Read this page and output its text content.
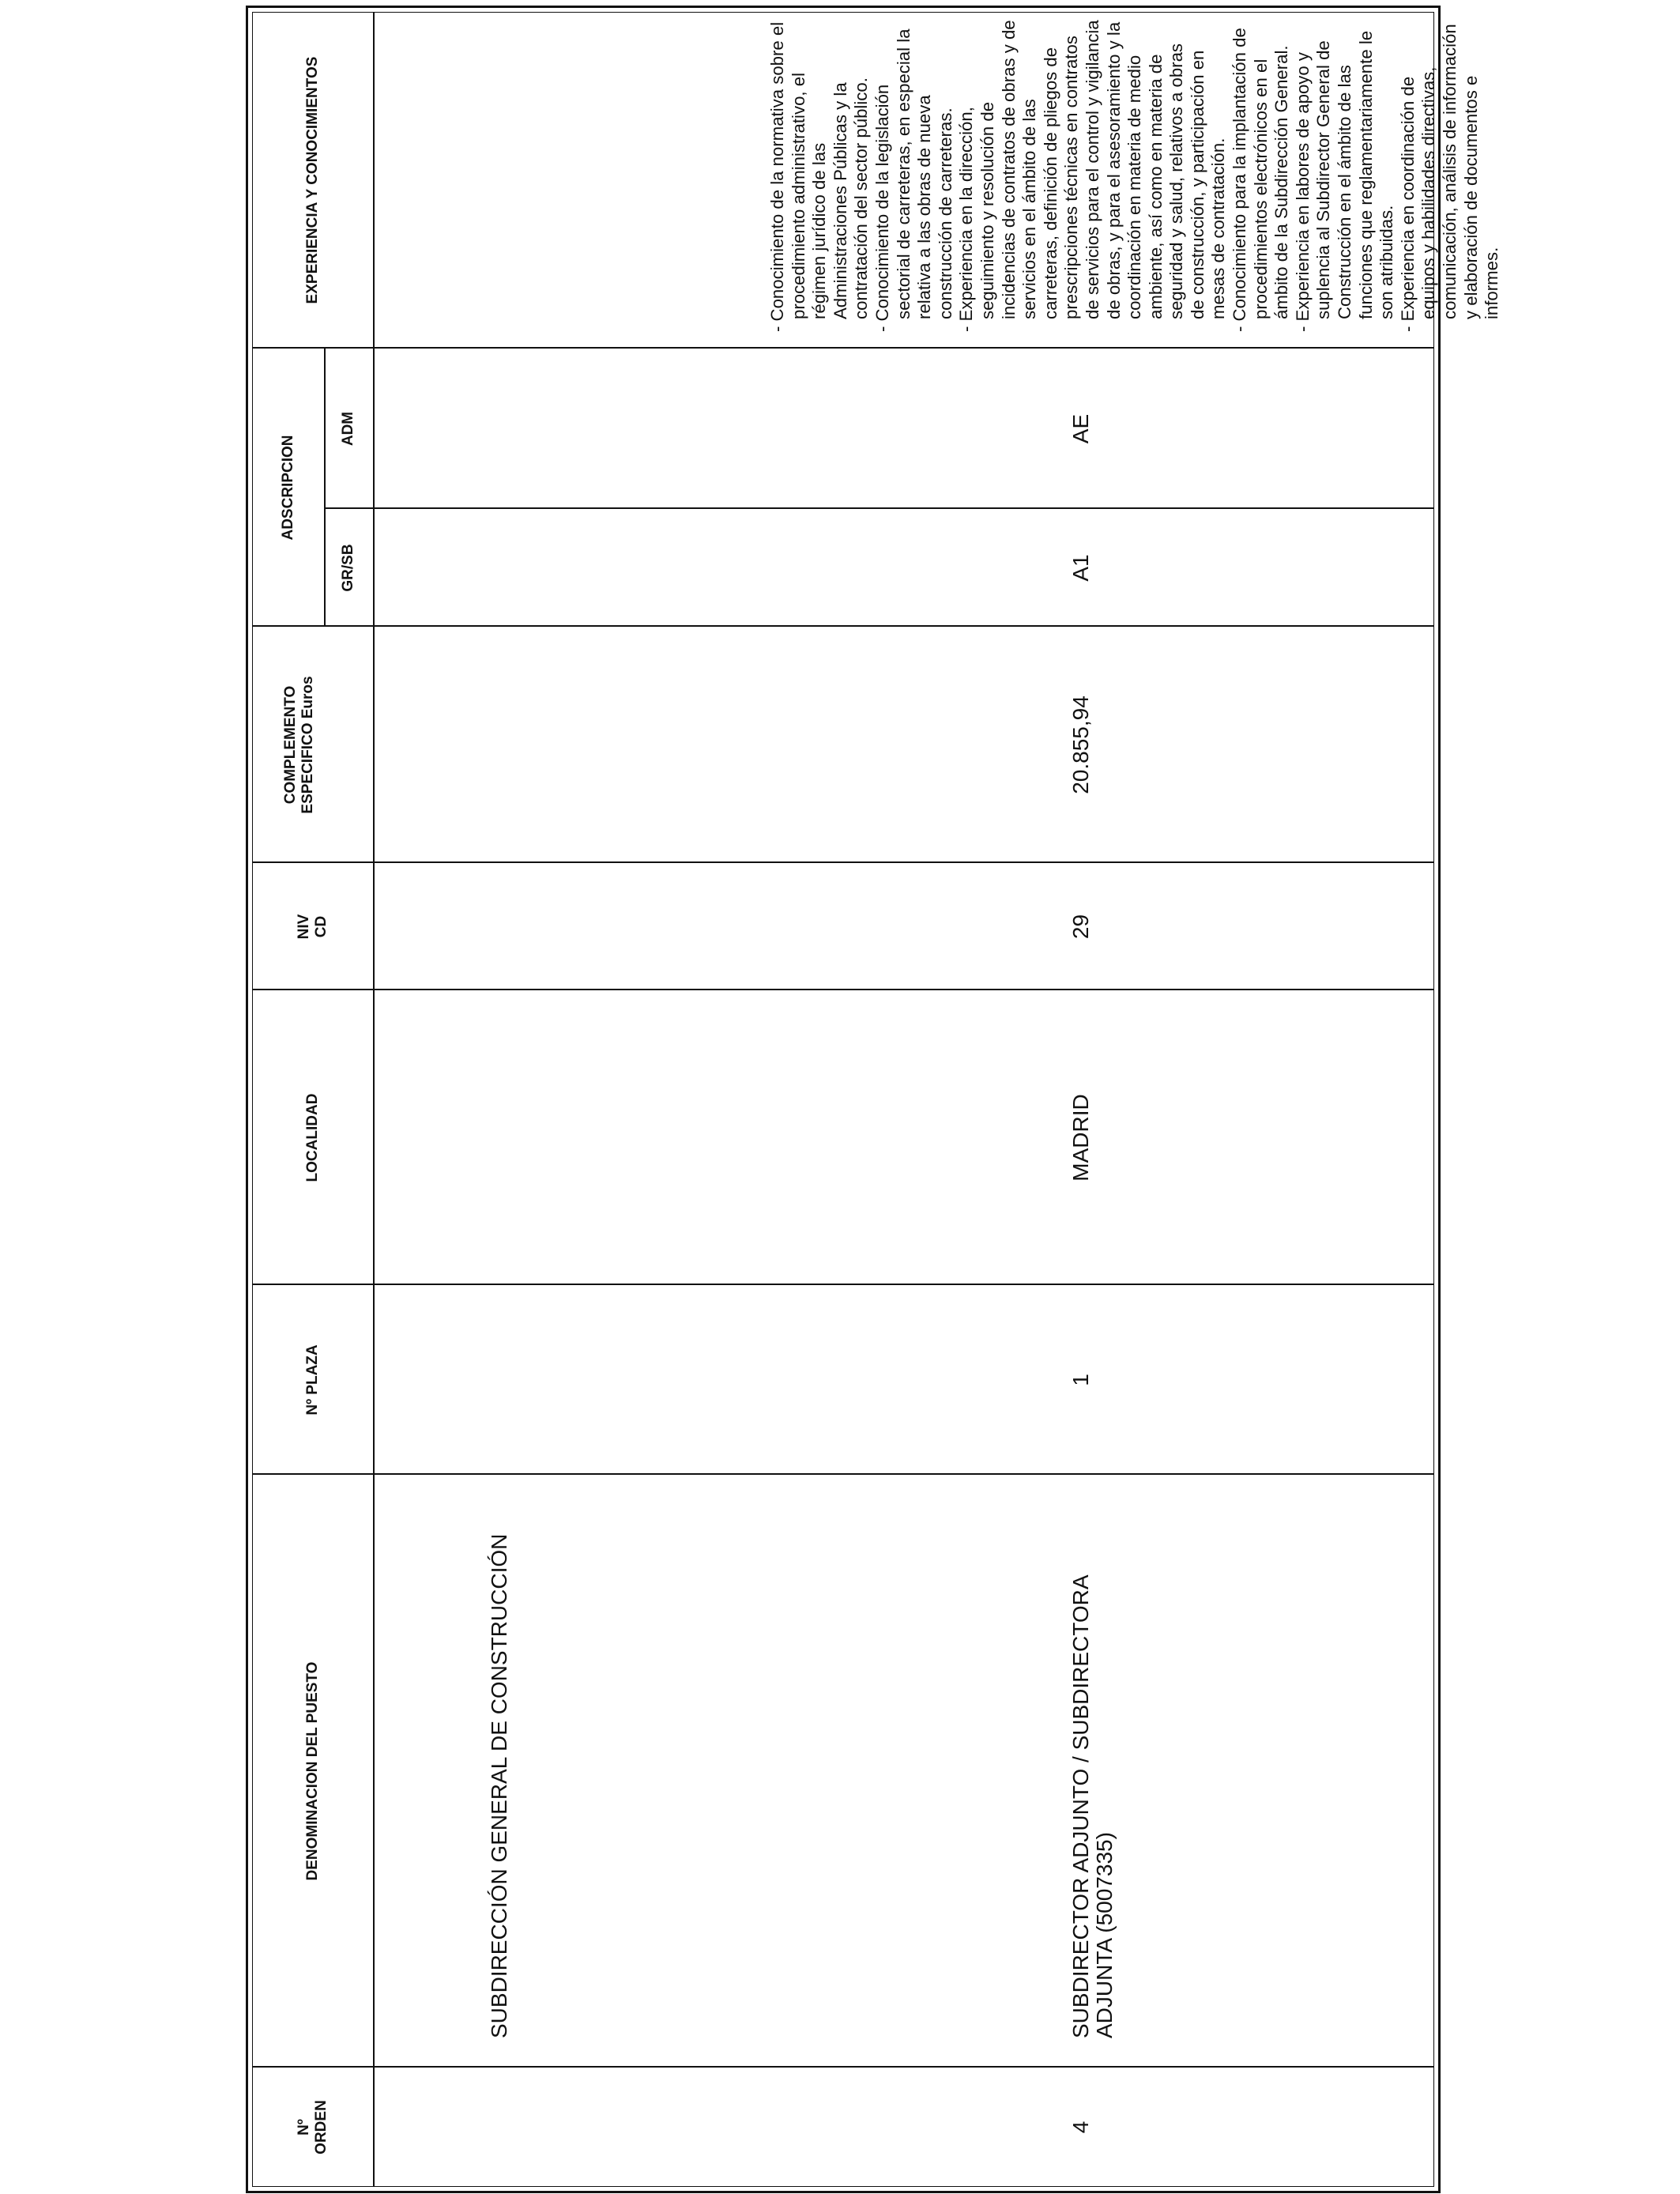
Nº
ORDEN
DENOMINACION DEL PUESTO
Nº PLAZA
LOCALIDAD
NIV
CD
COMPLEMENTO
ESPECIFICO Euros
ADSCRIPCION
GR/SB
ADM
EXPERIENCIA Y CONOCIMIENTOS
SUBDIRECCIÓN GENERAL DE CONSTRUCCIÓN
4
SUBDIRECTOR ADJUNTO / SUBDIRECTORA ADJUNTA (5007335)
1
MADRID
29
20.855,94
A1
AE
- Conocimiento de la normativa sobre el procedimiento administrativo, el régimen jurídico de las Administraciones Públicas y la contratación del sector público. - Conocimiento de la legislación sectorial de carreteras, en especial la relativa a las obras de nueva construcción de carreteras. - Experiencia en la dirección, seguimiento y resolución de incidencias de contratos de obras y de servicios en el ámbito de las carreteras, definición de pliegos de prescripciones técnicas en contratos de servicios para el control y vigilancia de obras, y para el asesoramiento y la coordinación en materia de medio ambiente, así como en materia de seguridad y salud, relativos a obras de construcción, y participación en mesas de contratación. - Conocimiento para la implantación de procedimientos electrónicos en el ámbito de la Subdirección General. - Experiencia en labores de apoyo y suplencia al Subdirector General de Construcción en el ámbito de las funciones que reglamentariamente le son atribuidas. - Experiencia en coordinación de equipos y habilidades directivas, comunicación, análisis de información y elaboración de documentos e informes.
